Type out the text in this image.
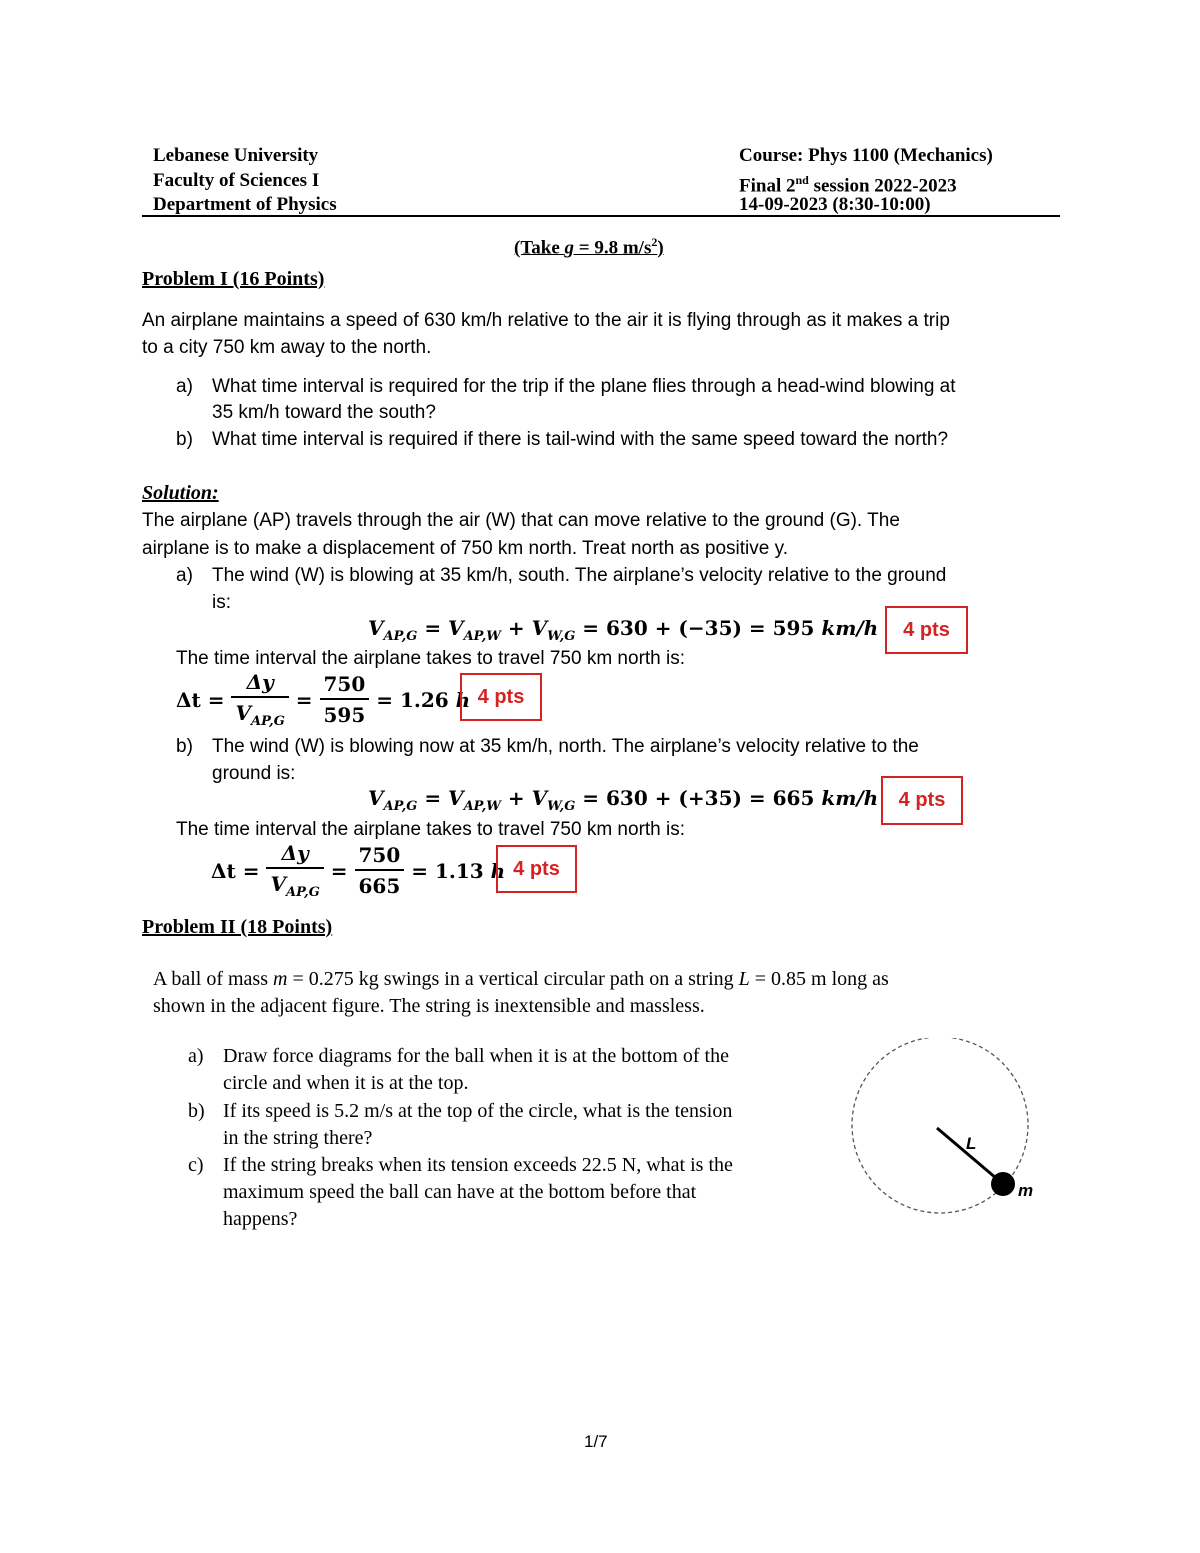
Lebanese University
Faculty of Sciences I
Department of Physics
Course: Phys 1100 (Mechanics)
Final 2nd session 2022-2023
14-09-2023 (8:30-10:00)
(Take g = 9.8 $m/s^2$)
Problem I (16 Points)
An airplane maintains a speed of 630 km/h relative to the air it is flying through as it makes a trip
to a city 750 km away to the north.
a) What time interval is required for the trip if the plane flies through a head-wind blowing at
35 km/h toward the south?
b) What time interval is required if there is tail-wind with the same speed toward the north?
Solution:
The airplane (AP) travels through the air (W) that can move relative to the ground (G). The
airplane is to make a displacement of 750 km north. Treat north as positive y.
a) The wind (W) is blowing at 35 km/h, south. The airplane’s velocity relative to the ground
is:
$V_{AP,G} = V_{AP,W} + V_{W,G} = 630 + (-35) = 595$ km/h	4 pts
The time interval the airplane takes to travel 750 km north is:
$\Delta t = \frac{\Delta y}{V_{AP,G}} = \frac{750}{595} = 1.26$ h 4 pts
b) The wind (W) is blowing now at 35 km/h, north. The airplane’s velocity relative to the
ground is:
$V_{AP,G} = V_{AP,W} + V_{W,G} = 630 + (+35) = 665$ km/h	4 pts
The time interval the airplane takes to travel 750 km north is:
$\Delta t = \frac{\Delta y}{V_{AP,G}} = \frac{750}{665} = 1.13$ h 4 pts
Problem II (18 Points)
A ball of mass m = 0.275 kg swings in a vertical circular path on a string L = 0.85 m long as
shown in the adjacent figure. The string is inextensible and massless.
a) Draw force diagrams for the ball when it is at the bottom of the
circle and when it is at the top.
b) If its speed is 5.2 m/s at the top of the circle, what is the tension
in the string there?
c) If the string breaks when its tension exceeds 22.5 N, what is the
maximum speed the ball can have at the bottom before that
happens?
L
m
1/7
